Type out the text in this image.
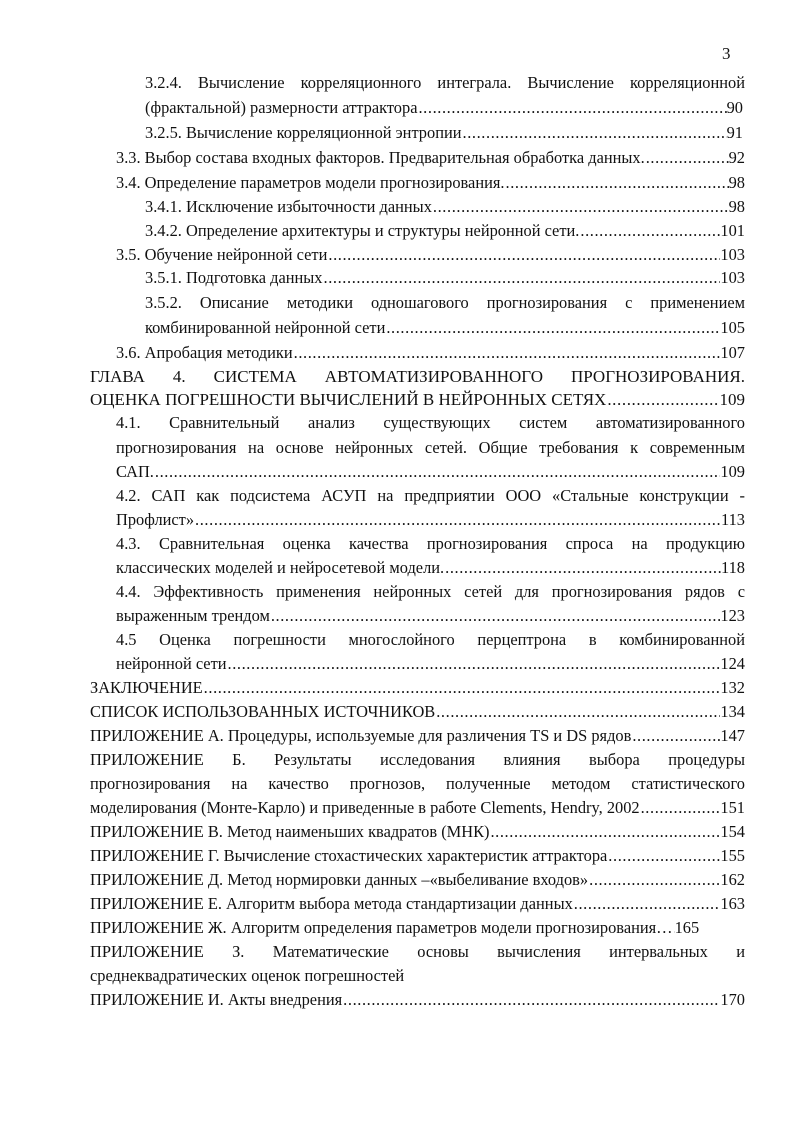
3
3.2.4. Вычисление корреляционного интеграла. Вычисление корреляционной
(фрактальной) размерности аттрактора .....	90
3.2.5. Вычисление корреляционной энтропии .....	91
3.3. Выбор состава входных факторов. Предварительная обработка данных. .....	92
3.4. Определение параметров модели прогнозирования. .....	98
3.4.1. Исключение избыточности данных .....	98
3.4.2. Определение архитектуры и структуры нейронной сети. .....	101
3.5. Обучение нейронной сети .....	103
3.5.1. Подготовка данных .....	103
3.5.2. Описание методики одношагового прогнозирования с применением
комбинированной нейронной сети .....	105
3.6. Апробация методики .....	107
ГЛАВА 4. СИСТЕМА АВТОМАТИЗИРОВАННОГО ПРОГНОЗИРОВАНИЯ.
ОЦЕНКА ПОГРЕШНОСТИ ВЫЧИСЛЕНИЙ В НЕЙРОННЫХ СЕТЯХ .....	109
4.1. Сравнительный анализ существующих систем автоматизированного
прогнозирования на основе нейронных сетей. Общие требования к современным
САП. .....	109
4.2. САП как подсистема АСУП на предприятии ООО «Стальные конструкции -
Профлист» .....	113
4.3. Сравнительная оценка качества прогнозирования спроса на продукцию
классических моделей и нейросетевой модели. .....	118
4.4. Эффективность применения нейронных сетей для прогнозирования рядов с
выраженным трендом .....	123
4.5 Оценка погрешности многослойного перцептрона в комбинированной
нейронной сети .....	124
ЗАКЛЮЧЕНИЕ .....	132
СПИСОК ИСПОЛЬЗОВАННЫХ ИСТОЧНИКОВ .....	134
ПРИЛОЖЕНИЕ А. Процедуры, используемые для различения TS и DS рядов .....	147
ПРИЛОЖЕНИЕ Б. Результаты исследования влияния выбора процедуры
прогнозирования на качество прогнозов, полученные методом статистического
моделирования (Монте-Карло) и приведенные в работе Clements, Hendry, 2002 .....	151
ПРИЛОЖЕНИЕ В. Метод наименьших квадратов (МНК) .....	154
ПРИЛОЖЕНИЕ Г. Вычисление стохастических характеристик аттрактора .....	155
ПРИЛОЖЕНИЕ Д. Метод нормировки данных –«выбеливание входов» .....	162
ПРИЛОЖЕНИЕ Е. Алгоритм выбора метода стандартизации данных .....	163
ПРИЛОЖЕНИЕ Ж. Алгоритм определения параметров модели прогнозирования… ..... 165
ПРИЛОЖЕНИЕ З. Математические основы вычисления интервальных и
среднеквадратических оценок погрешностей
ПРИЛОЖЕНИЕ И. Акты внедрения .....	170
